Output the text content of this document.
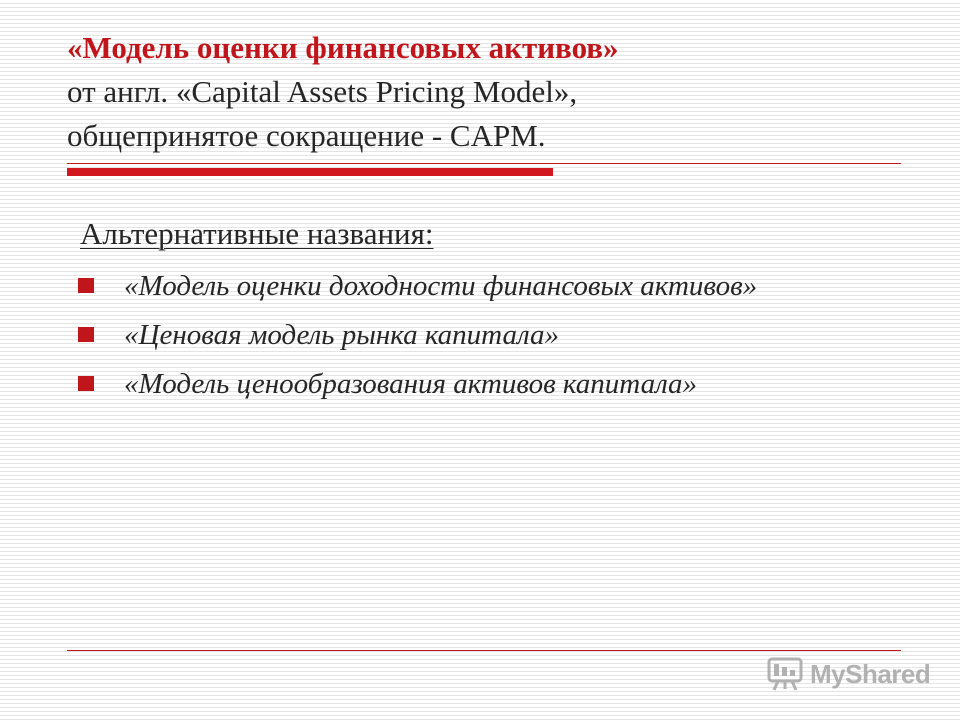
«Модель оценки финансовых активов»
от англ. «Capital Assets Pricing Model»,
общепринятое сокращение - CAPM.
Альтернативные названия:
«Модель оценки доходности финансовых активов»
«Ценовая модель рынка капитала»
«Модель ценообразования активов капитала»
MyShared
